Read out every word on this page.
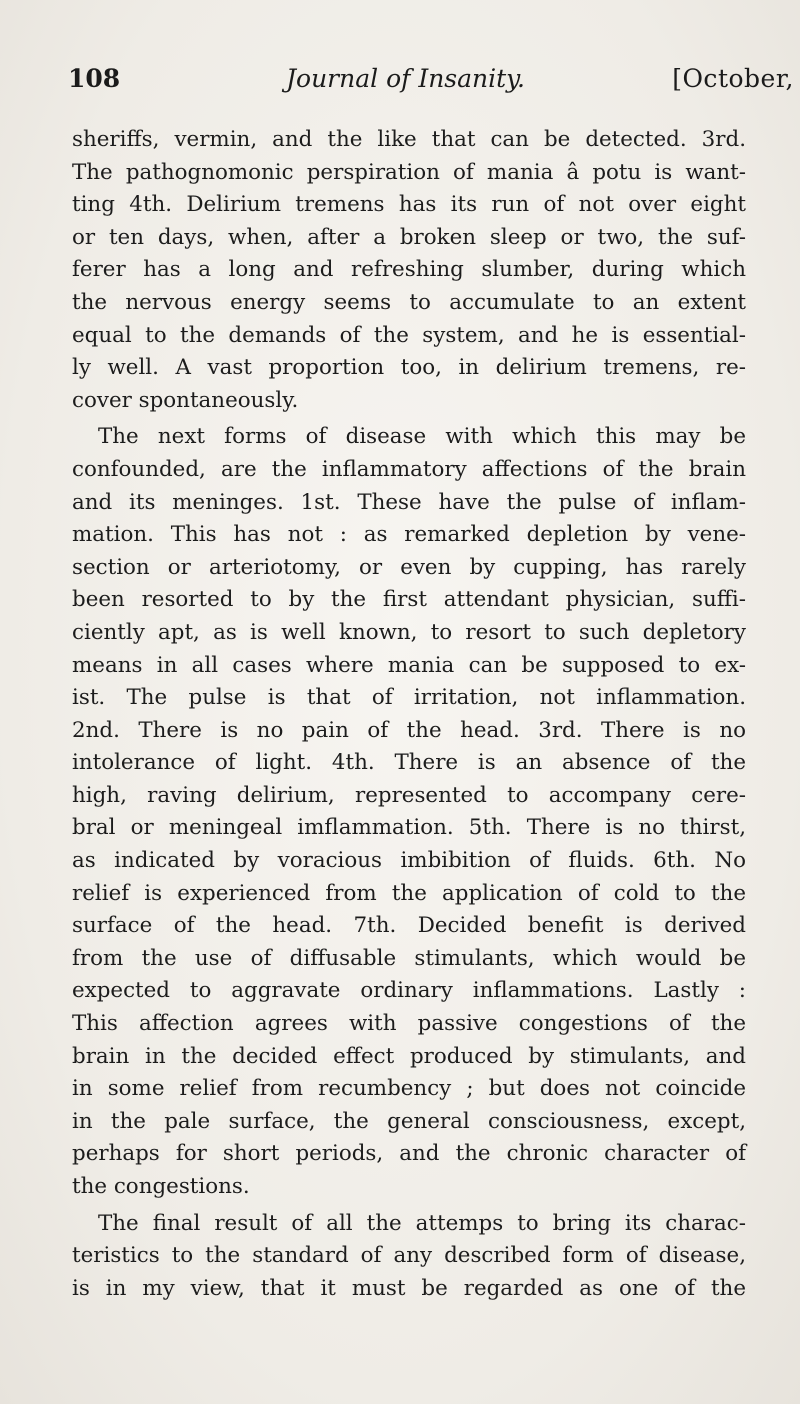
108	Journal of Insanity.	[October,
sheriffs, vermin, and the like that can be detected. 3rd.
The pathognomonic perspiration of mania â potu is want-
ting 4th. Delirium tremens has its run of not over eight
or ten days, when, after a broken sleep or two, the suf-
ferer has a long and refreshing slumber, during which
the nervous energy seems to accumulate to an extent
equal to the demands of the system, and he is essential-
ly well. A vast proportion too, in delirium tremens, re-
cover spontaneously.
The next forms of disease with which this may be
confounded, are the inflammatory affections of the brain
and its meninges. 1st. These have the pulse of inflam-
mation. This has not : as remarked depletion by vene-
section or arteriotomy, or even by cupping, has rarely
been resorted to by the first attendant physician, suffi-
ciently apt, as is well known, to resort to such depletory
means in all cases where mania can be supposed to ex-
ist. The pulse is that of irritation, not inflammation.
2nd. There is no pain of the head. 3rd. There is no
intolerance of light. 4th. There is an absence of the
high, raving delirium, represented to accompany cere-
bral or meningeal imflammation. 5th. There is no thirst,
as indicated by voracious imbibition of fluids. 6th. No
relief is experienced from the application of cold to the
surface of the head. 7th. Decided benefit is derived
from the use of diffusable stimulants, which would be
expected to aggravate ordinary inflammations. Lastly :
This affection agrees with passive congestions of the
brain in the decided effect produced by stimulants, and
in some relief from recumbency ; but does not coincide
in the pale surface, the general consciousness, except,
perhaps for short periods, and the chronic character of
the congestions.
The final result of all the attemps to bring its charac-
teristics to the standard of any described form of disease,
is in my view, that it must be regarded as one of the
